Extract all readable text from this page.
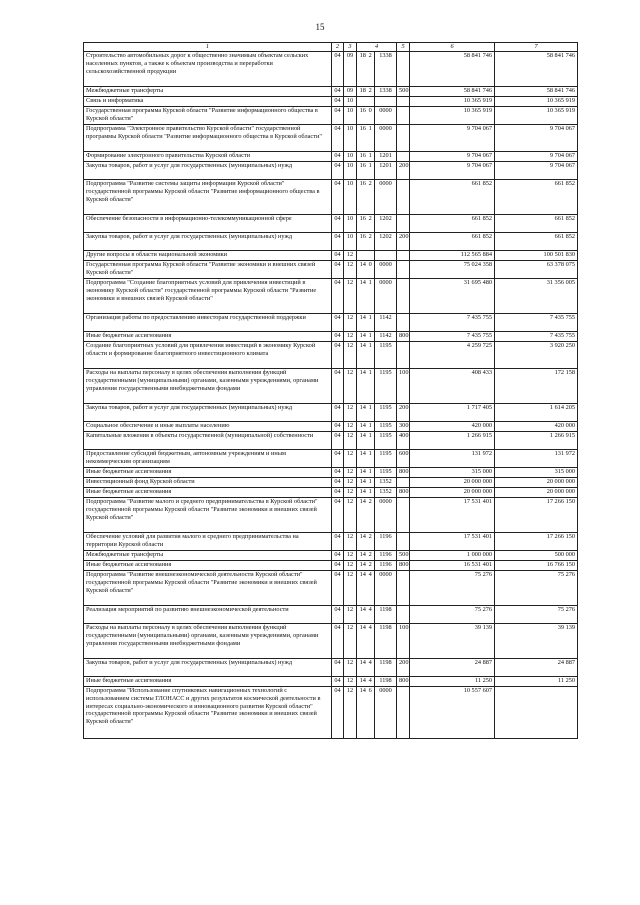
15
1	2	3	4			5	6	7
Строительство автомобильных дорог к общественно значимым объектам сельских населенных пунктов, а также к объектам производства и переработки сельскохозяйственной продукции	04	09	18	2	1338		58 841 746	58 841 746
Межбюджетные трансферты	04	09	18	2	1338	500	58 841 746	58 841 746
Связь и информатика	04	10					10 365 919	10 365 919
Государственная программа Курской области "Развитие информационного общества в Курской области"	04	10	16	0	0000		10 365 919	10 365 919
Подпрограмма "Электронное правительство Курской области" государственной программы Курской области "Развитие информационного общества в Курской области"	04	10	16	1	0000		9 704 067	9 704 067
Формирование электронного правительства Курской области	04	10	16	1	1201		9 704 067	9 704 067
Закупка товаров, работ и услуг для государственных (муниципальных) нужд	04	10	16	1	1201	200	9 704 067	9 704 067
Подпрограмма "Развитие системы защиты информации Курской области" государственной программы Курской области "Развитие информационного общества в Курской области"	04	10	16	2	0000		661 852	661 852
Обеспечение безопасности в информационно-телекоммуникационной сфере	04	10	16	2	1202		661 852	661 852
Закупка товаров, работ и услуг для государственных (муниципальных) нужд	04	10	16	2	1202	200	661 852	661 852
Другие вопросы в области национальной экономики	04	12					112 565 884	100 501 830
Государственная программа Курской области "Развитие экономики и внешних связей Курской области"	04	12	14	0	0000		75 024 358	63 378 075
Подпрограмма "Создание благоприятных условий для привлечения инвестиций в экономику Курской области" государственной программы Курской области "Развитие экономики и внешних связей Курской области"	04	12	14	1	0000		31 695 480	31 356 005
Организация работы по предоставлению инвесторам государственной поддержки	04	12	14	1	1142		7 435 755	7 435 755
Иные бюджетные ассигнования	04	12	14	1	1142	800	7 435 755	7 435 755
Создание благоприятных условий для привлечения инвестиций в экономику Курской области и формирование благоприятного инвестиционного климата	04	12	14	1	1195		4 259 725	3 920 250
Расходы на выплаты персоналу в целях обеспечения выполнения функций государственными (муниципальными) органами, казенными учреждениями, органами управления государственными внебюджетными фондами	04	12	14	1	1195	100	408 433	172 158
Закупка товаров, работ и услуг для государственных (муниципальных) нужд	04	12	14	1	1195	200	1 717 405	1 614 205
Социальное обеспечение и иные выплаты населению	04	12	14	1	1195	300	420 000	420 000
Капитальные вложения в объекты государственной (муниципальной) собственности	04	12	14	1	1195	400	1 266 915	1 266 915
Предоставление субсидий бюджетным, автономным учреждениям и иным некоммерческим организациям	04	12	14	1	1195	600	131 972	131 972
Иные бюджетные ассигнования	04	12	14	1	1195	800	315 000	315 000
Инвестиционный фонд Курской области	04	12	14	1	1352		20 000 000	20 000 000
Иные бюджетные ассигнования	04	12	14	1	1352	800	20 000 000	20 000 000
Подпрограмма "Развитие малого и среднего предпринимательства в Курской области" государственной программы Курской области "Развитие экономики и внешних связей Курской области"	04	12	14	2	0000		17 531 401	17 266 150
Обеспечение условий для развития малого и среднего предпринимательства на территории Курской области	04	12	14	2	1196		17 531 401	17 266 150
Межбюджетные трансферты	04	12	14	2	1196	500	1 000 000	500 000
Иные бюджетные ассигнования	04	12	14	2	1196	800	16 531 401	16 766 150
Подпрограмма "Развитие внешнеэкономической деятельности Курской области" государственной программы Курской области "Развитие экономики и внешних связей Курской области"	04	12	14	4	0000		75 276	75 276
Реализация мероприятий по развитию внешнеэкономической деятельности	04	12	14	4	1198		75 276	75 276
Расходы на выплаты персоналу в целях обеспечения выполнения функций государственными (муниципальными) органами, казенными учреждениями, органами управления государственными внебюджетными фондами	04	12	14	4	1198	100	39 139	39 139
Закупка товаров, работ и услуг для государственных (муниципальных) нужд	04	12	14	4	1198	200	24 887	24 887
Иные бюджетные ассигнования	04	12	14	4	1198	800	11 250	11 250
Подпрограмма "Использование спутниковых навигационных технологий с использованием системы ГЛОНАСС и других результатов космической деятельности в интересах социально-экономического и инновационного развития Курской области" государственной программы Курской области "Развитие экономики и внешних связей Курской области"	04	12	14	6	0000		10 557 607	
